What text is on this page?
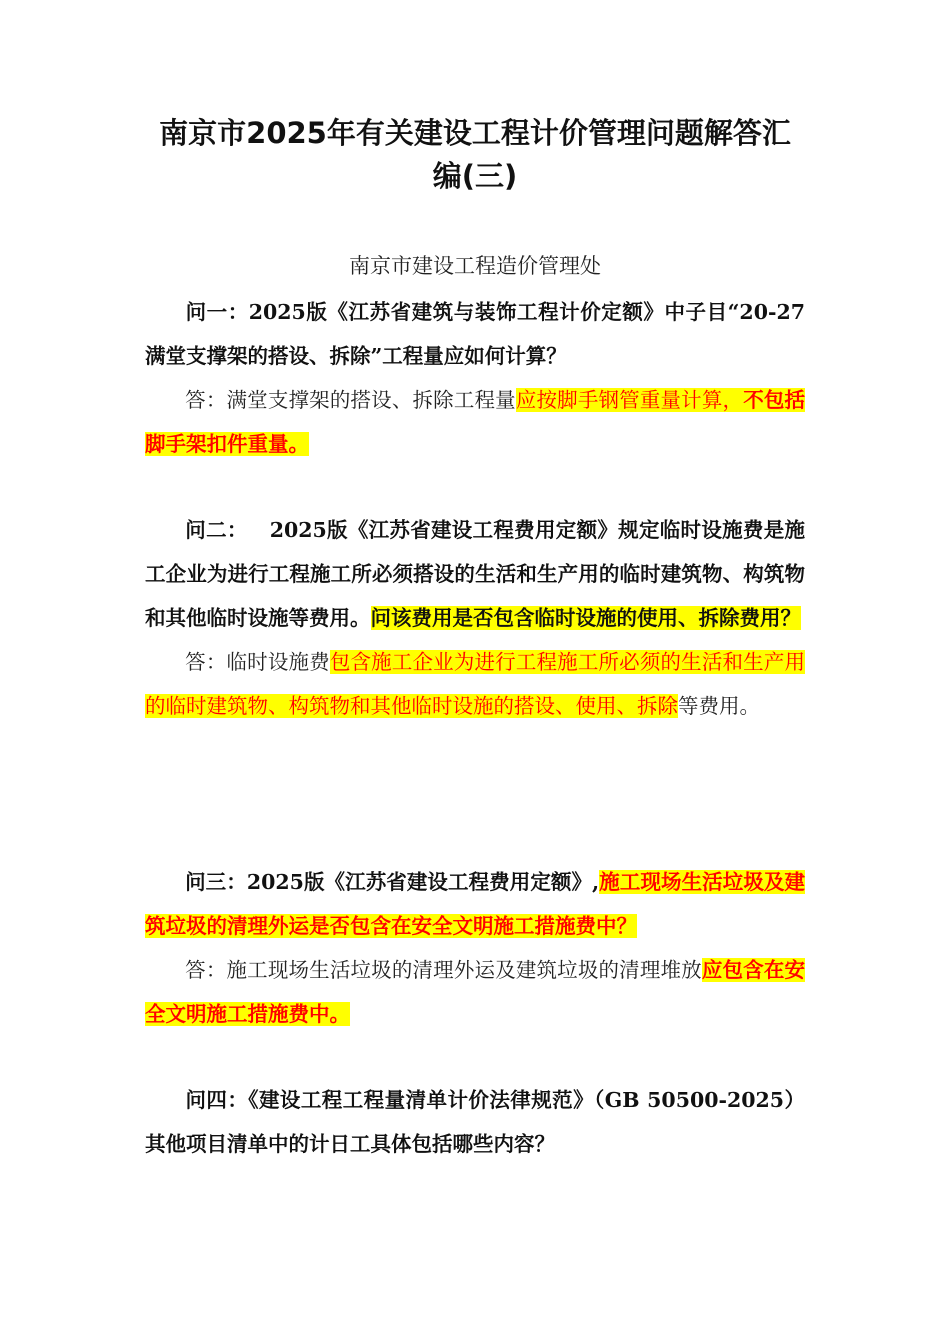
南京市2025年有关建设工程计价管理问题解答汇
编(三)
南京市建设工程造价管理处
问一：2025版《江苏省建筑与装饰工程计价定额》中子目“20-27满堂支撑架的搭设、拆除”工程量应如何计算？
答：满堂支撑架的搭设、拆除工程量应按脚手钢管重量计算，不包括脚手架扣件重量。
问二： 2025版《江苏省建设工程费用定额》规定临时设施费是施工企业为进行工程施工所必须搭设的生活和生产用的临时建筑物、构筑物和其他临时设施等费用。问该费用是否包含临时设施的使用、拆除费用？
答：临时设施费包含施工企业为进行工程施工所必须的生活和生产用的临时建筑物、构筑物和其他临时设施的搭设、使用、拆除等费用。
问三：2025版《江苏省建设工程费用定额》,施工现场生活垃圾及建筑垃圾的清理外运是否包含在安全文明施工措施费中？
答：施工现场生活垃圾的清理外运及建筑垃圾的清理堆放应包含在安全文明施工措施费中。
问四：《建设工程工程量清单计价法律规范》（GB 50500-2025）其他项目清单中的计日工具体包括哪些内容？
